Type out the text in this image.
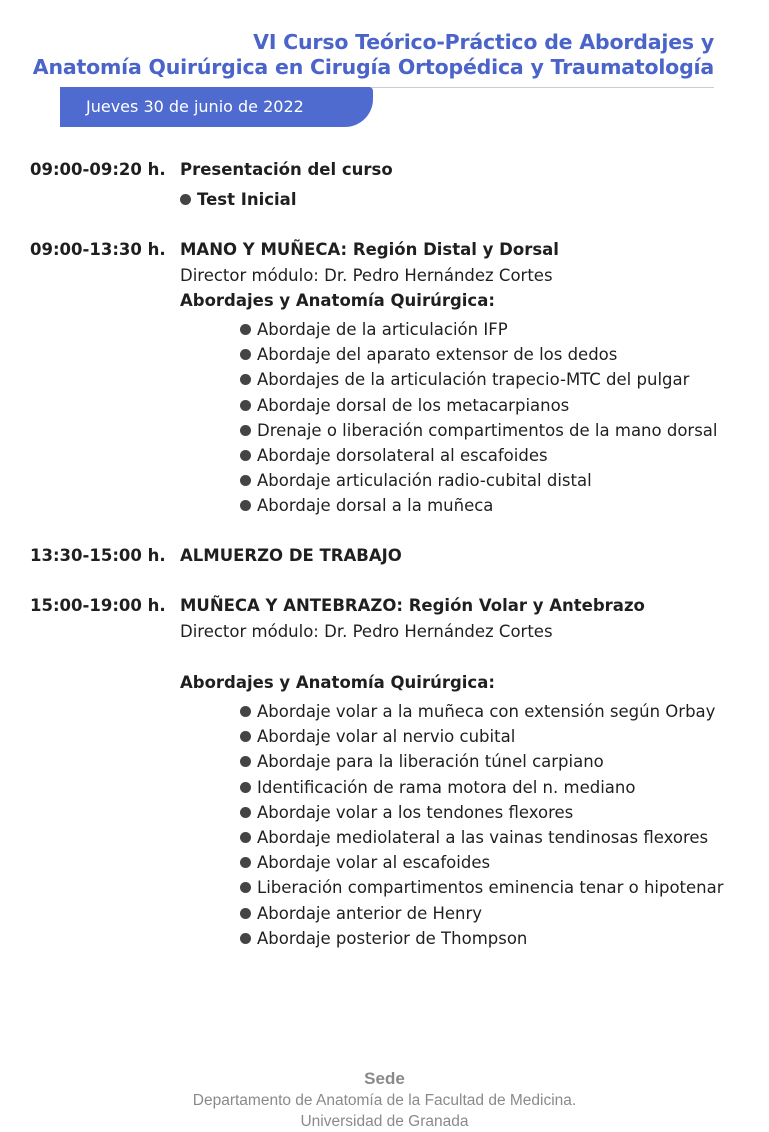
VI Curso Teórico-Práctico de Abordajes y
Anatomía Quirúrgica en Cirugía Ortopédica y Traumatología
Jueves 30 de junio de 2022
09:00-09:20 h. Presentación del curso
Test Inicial
09:00-13:30 h. MANO Y MUÑECA: Región Distal y Dorsal
Director módulo: Dr. Pedro Hernández Cortes
Abordajes y Anatomía Quirúrgica:
Abordaje de la articulación IFP
Abordaje del aparato extensor de los dedos
Abordajes de la articulación trapecio-MTC del pulgar
Abordaje dorsal de los metacarpianos
Drenaje o liberación compartimentos de la mano dorsal
Abordaje dorsolateral al escafoides
Abordaje articulación radio-cubital distal
Abordaje dorsal a la muñeca
13:30-15:00 h. ALMUERZO DE TRABAJO
15:00-19:00 h. MUÑECA Y ANTEBRAZO: Región Volar y Antebrazo
Director módulo: Dr. Pedro Hernández Cortes
Abordajes y Anatomía Quirúrgica:
Abordaje volar a la muñeca con extensión según Orbay
Abordaje volar al nervio cubital
Abordaje para la liberación túnel carpiano
Identificación de rama motora del n. mediano
Abordaje volar a los tendones flexores
Abordaje mediolateral a las vainas tendinosas flexores
Abordaje volar al escafoides
Liberación compartimentos eminencia tenar o hipotenar
Abordaje anterior de Henry
Abordaje posterior de Thompson
Sede
Departamento de Anatomía de la Facultad de Medicina.
Universidad de Granada
